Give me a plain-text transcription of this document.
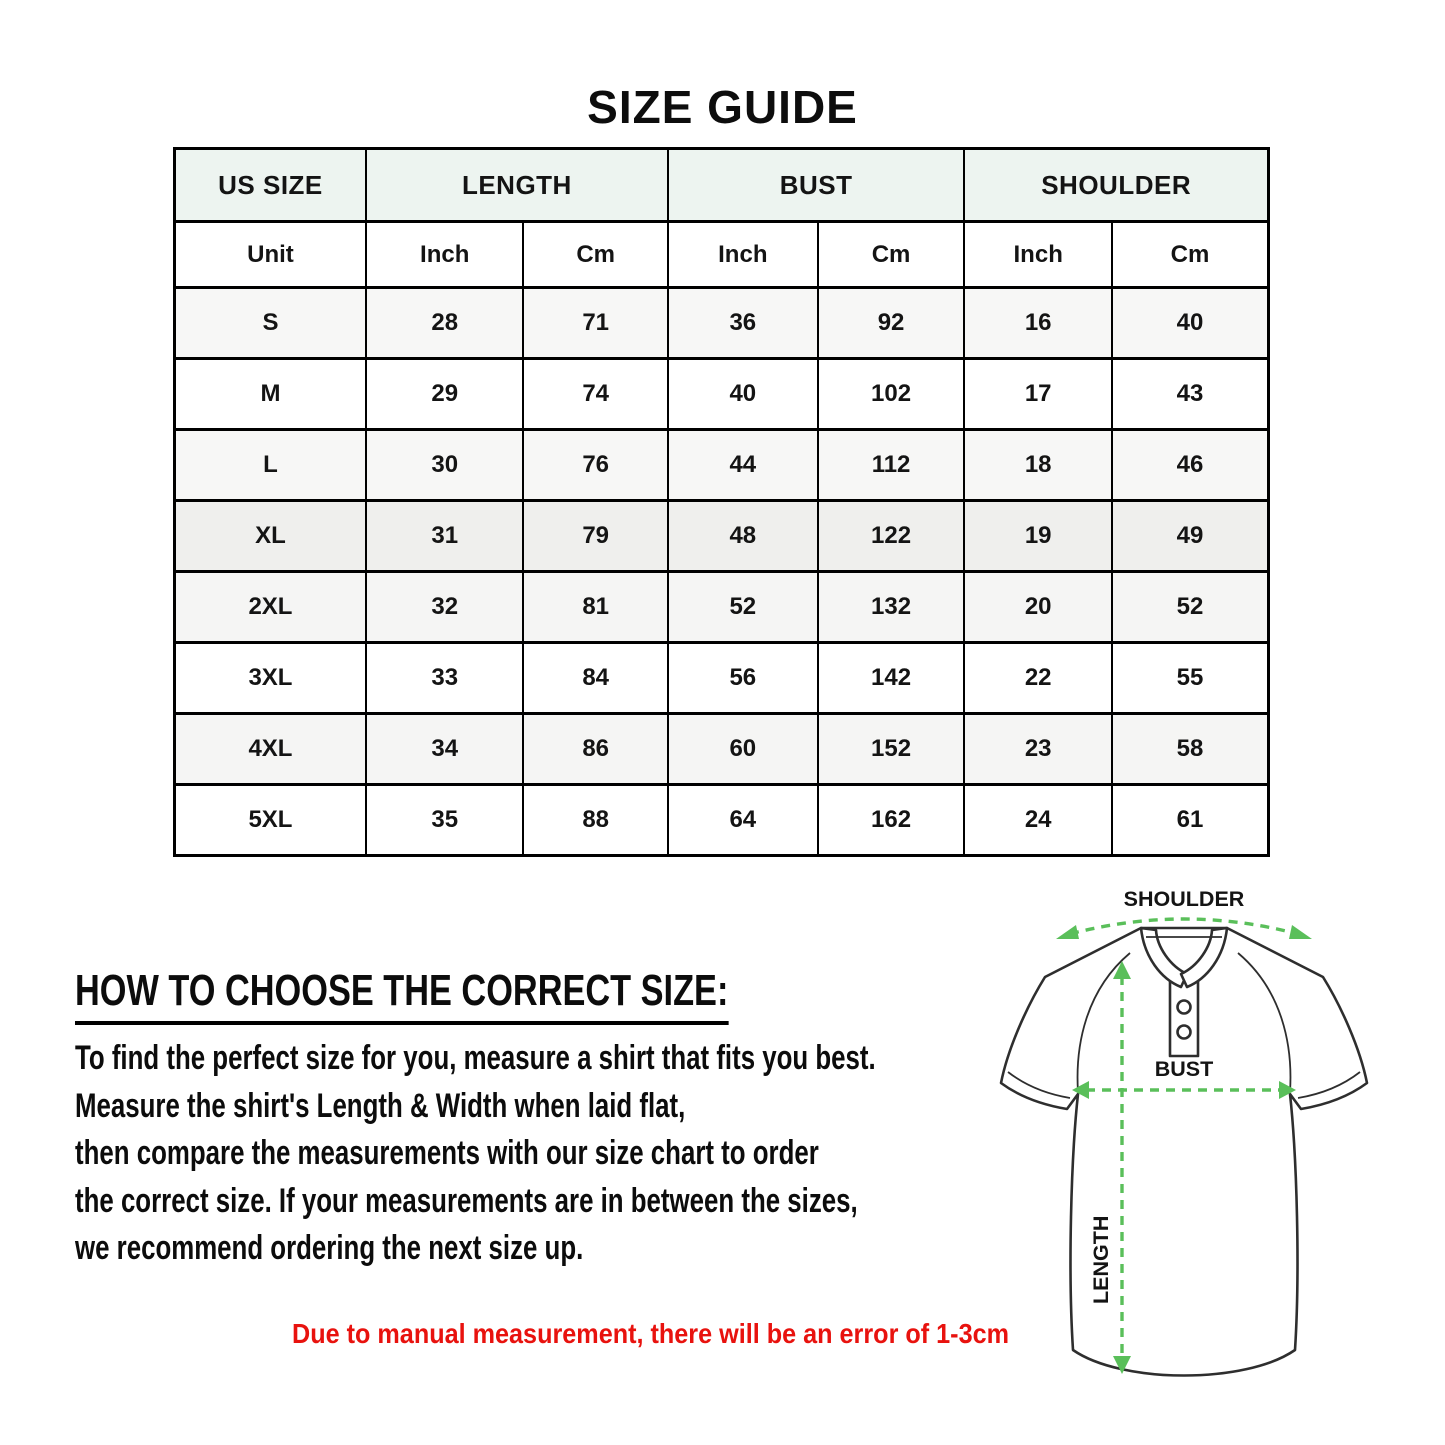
SIZE GUIDE
US SIZE	LENGTH		BUST		SHOULDER	
Unit	Inch	Cm	Inch	Cm	Inch	Cm
S	28	71	36	92	16	40
M	29	74	40	102	17	43
L	30	76	44	112	18	46
XL	31	79	48	122	19	49
2XL	32	81	52	132	20	52
3XL	33	84	56	142	22	55
4XL	34	86	60	152	23	58
5XL	35	88	64	162	24	61
HOW TO CHOOSE THE CORRECT SIZE:
To find the perfect size for you, measure a shirt that fits you best.
Measure the shirt's Length & Width when laid flat,
then compare the measurements with our size chart to order
the correct size. If your measurements are in between the sizes,
we recommend ordering the next size up.
Due to manual measurement, there will be an error of 1-3cm
SHOULDER
BUST
LENGTH
